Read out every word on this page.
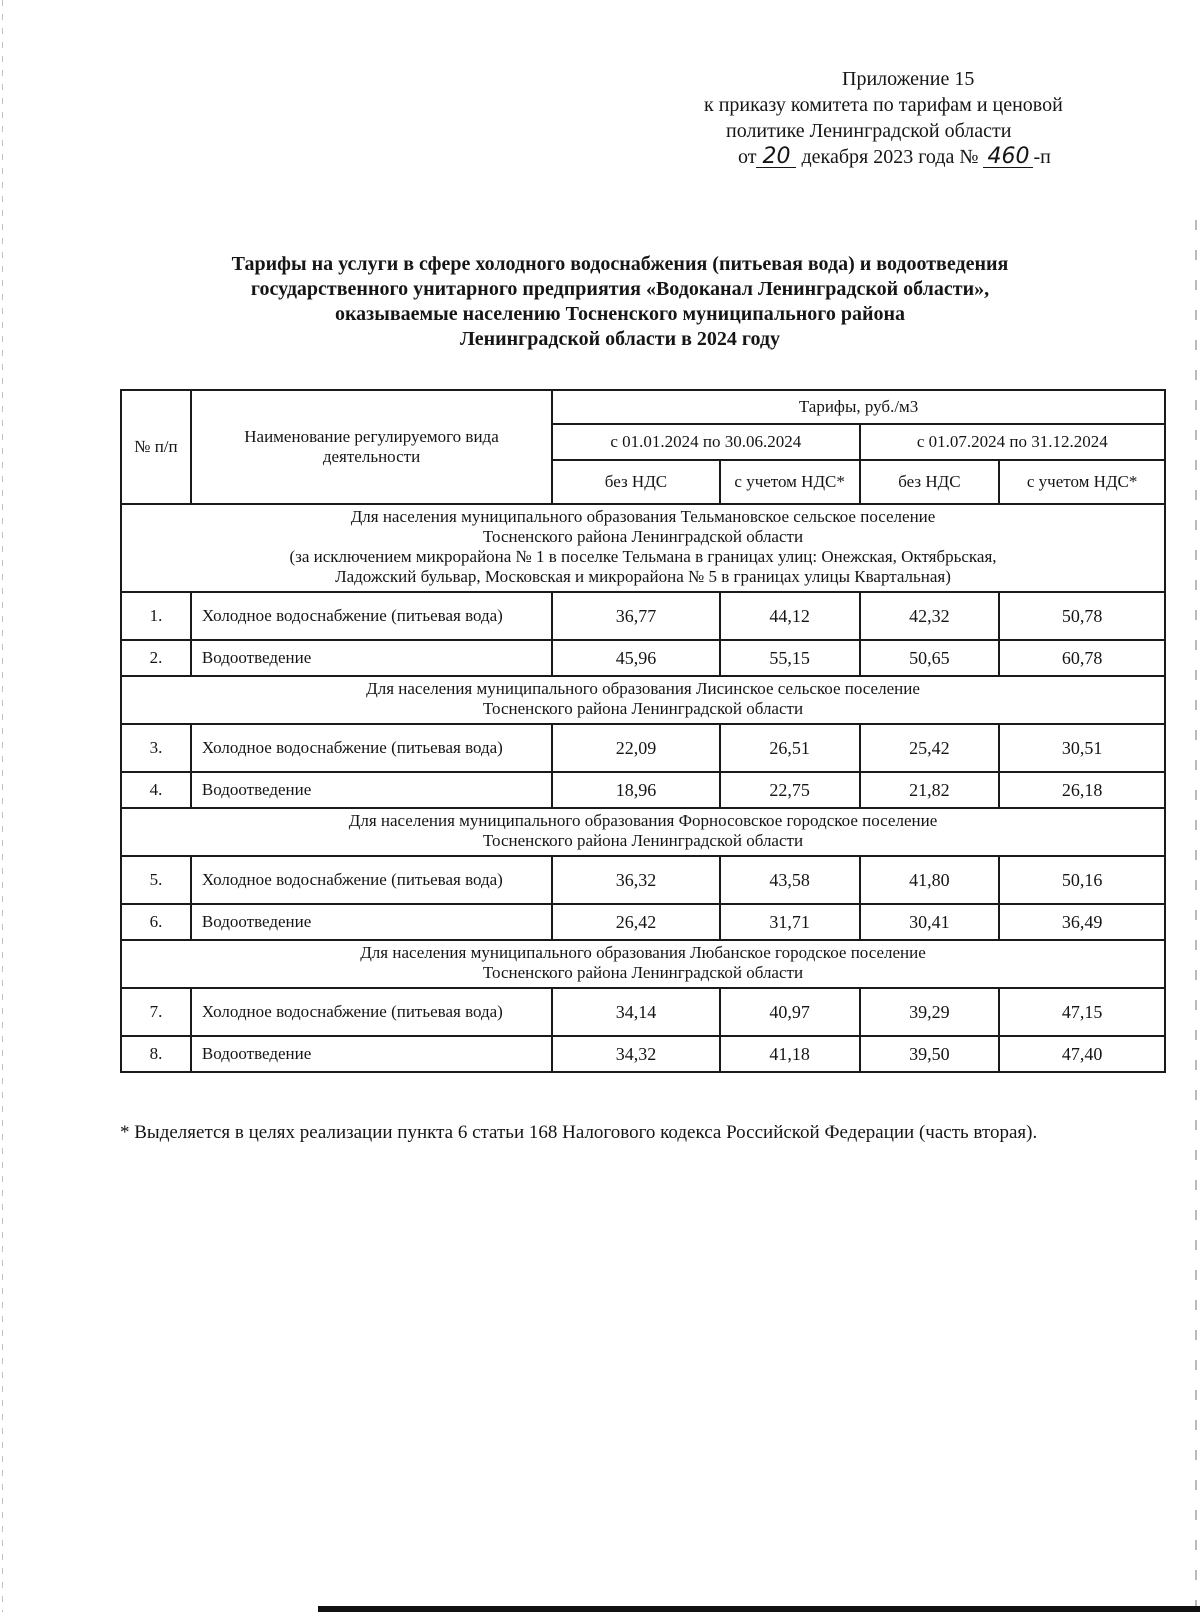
Приложение 15
к приказу комитета по тарифам и ценовой
политике Ленинградской области
от 20 декабря 2023 года № 460 -п
Тарифы на услуги в сфере холодного водоснабжения (питьевая вода) и водоотведения
государственного унитарного предприятия «Водоканал Ленинградской области»,
оказываемые населению Тосненского муниципального района
Ленинградской области в 2024 году
№ п/п	Наименование регулируемого вида деятельности	Тарифы, руб./м3			
		с 01.01.2024 по 30.06.2024		с 01.07.2024 по 31.12.2024	
		без НДС	с учетом НДС*	без НДС	с учетом НДС*

Для населения муниципального образования Тельмановское сельское поселение
Тосненского района Ленинградской области
(за исключением микрорайона № 1 в поселке Тельмана в границах улиц: Онежская, Октябрьская,
Ладожский бульвар, Московская и микрорайона № 5 в границах улицы Квартальная)					

1.	Холодное водоснабжение (питьевая вода)	36,77	44,12	42,32	50,78
2.	Водоотведение	45,96	55,15	50,65	60,78

Для населения муниципального образования Лисинское сельское поселение
Тосненского района Ленинградской области					

3.	Холодное водоснабжение (питьевая вода)	22,09	26,51	25,42	30,51
4.	Водоотведение	18,96	22,75	21,82	26,18

Для населения муниципального образования Форносовское городское поселение
Тосненского района Ленинградской области					

5.	Холодное водоснабжение (питьевая вода)	36,32	43,58	41,80	50,16
6.	Водоотведение	26,42	31,71	30,41	36,49

Для населения муниципального образования Любанское городское поселение
Тосненского района Ленинградской области					

7.	Холодное водоснабжение (питьевая вода)	34,14	40,97	39,29	47,15
8.	Водоотведение	34,32	41,18	39,50	47,40
* Выделяется в целях реализации пункта 6 статьи 168 Налогового кодекса Российской Федерации (часть вторая).
